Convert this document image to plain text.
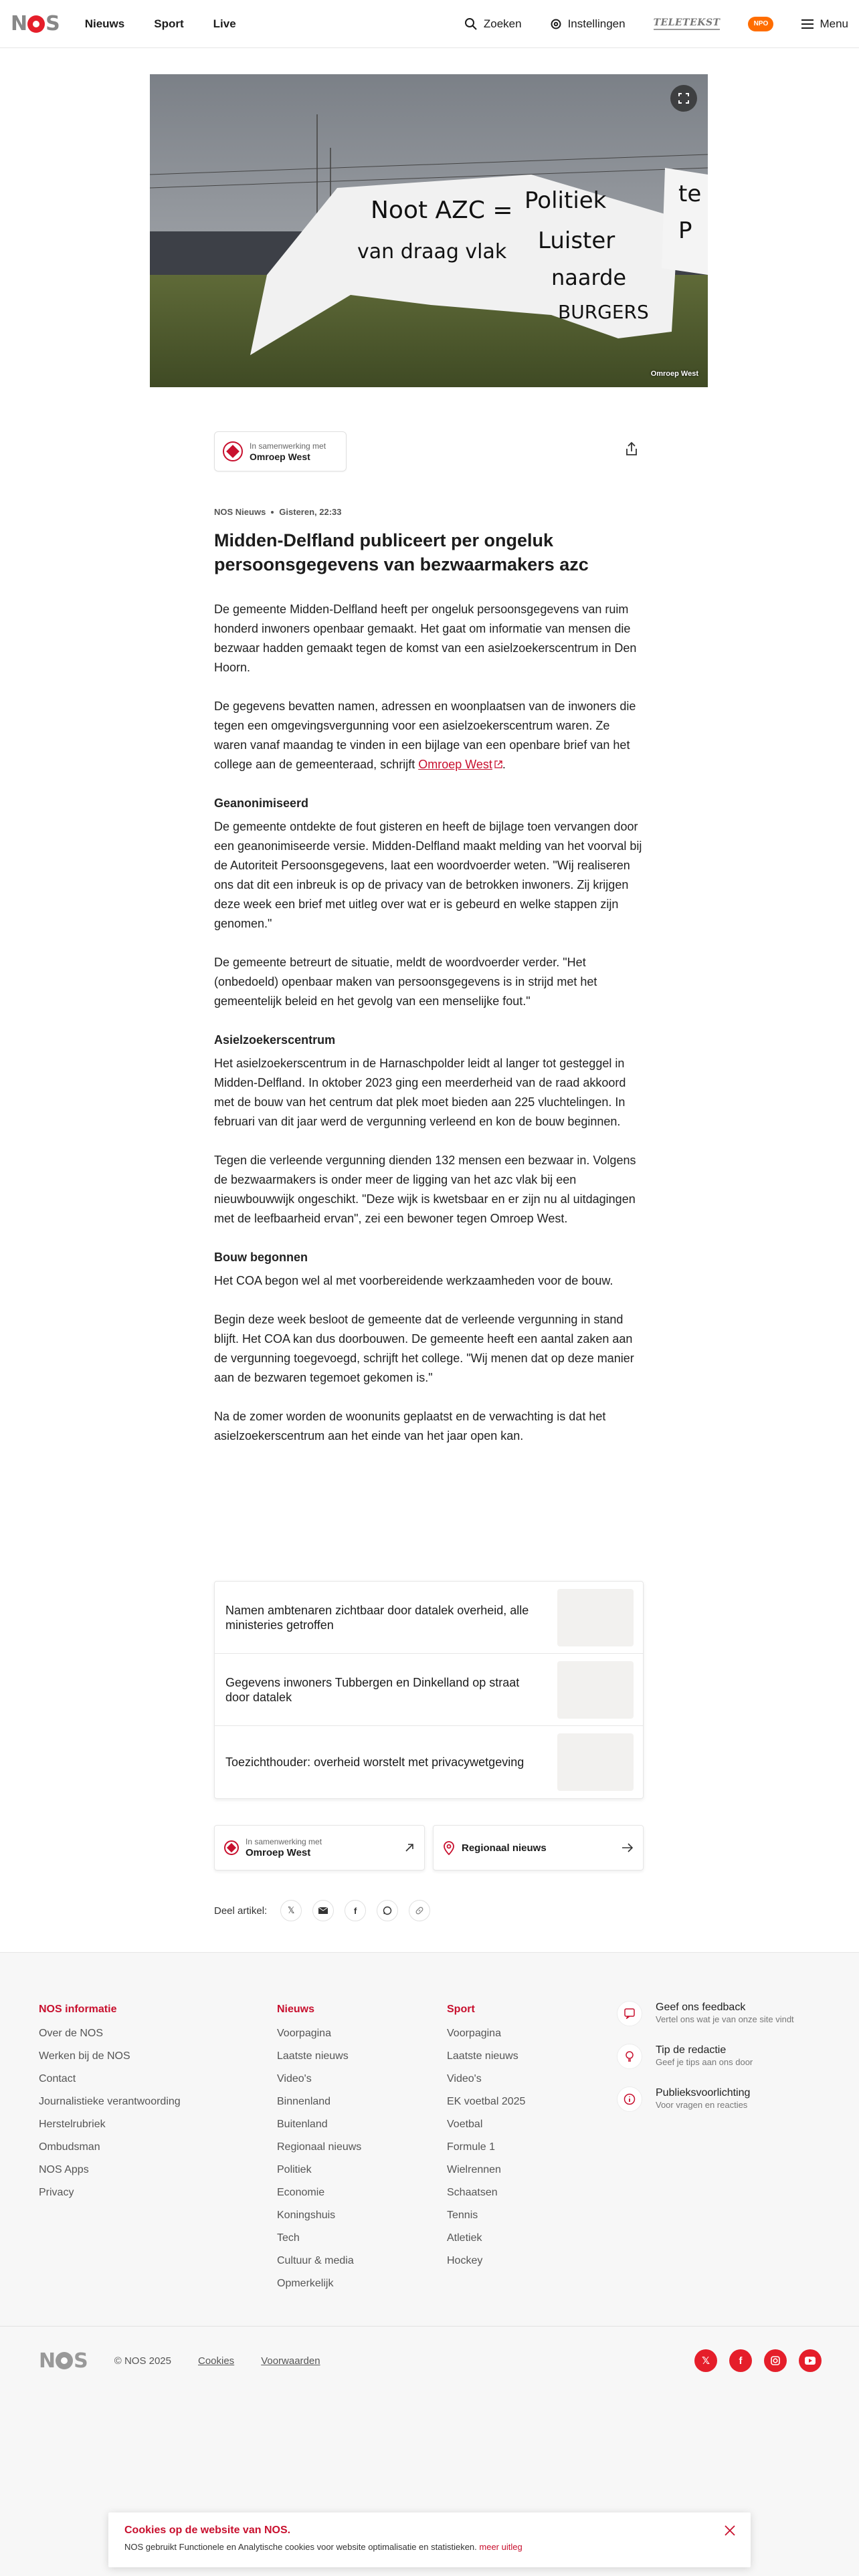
N S Nieuws	Sport	Live	Zoeken	Instellingen	TELETEKST	NPO	Menu
Noot AZC = Politiek
van draag vlak Luister
naarde
BURGERS
te
P
Omroep West
In samenwerking met
Omroep West
NOS Nieuws Gisteren, 22:33
Midden-Delfland publiceert per ongeluk persoonsgegevens van bezwaarmakers azc

De gemeente Midden-Delfland heeft per ongeluk persoonsgegevens van ruim honderd inwoners openbaar gemaakt. Het gaat om informatie van mensen die bezwaar hadden gemaakt tegen de komst van een asielzoekerscentrum in Den Hoorn.

De gegevens bevatten namen, adressen en woonplaatsen van de inwoners die tegen een omgevingsvergunning voor een asielzoekerscentrum waren. Ze waren vanaf maandag te vinden in een bijlage van een openbare brief van het college aan de gemeenteraad, schrijft Omroep West .

Geanonimiseerd

De gemeente ontdekte de fout gisteren en heeft de bijlage toen vervangen door een geanonimiseerde versie. Midden-Delfland maakt melding van het voorval bij de Autoriteit Persoonsgegevens, laat een woordvoerder weten. "Wij realiseren ons dat dit een inbreuk is op de privacy van de betrokken inwoners. Zij krijgen deze week een brief met uitleg over wat er is gebeurd en welke stappen zijn genomen."

De gemeente betreurt de situatie, meldt de woordvoerder verder. "Het (onbedoeld) openbaar maken van persoonsgegevens is in strijd met het gemeentelijk beleid en het gevolg van een menselijke fout."

Asielzoekerscentrum

Het asielzoekerscentrum in de Harnaschpolder leidt al langer tot gesteggel in Midden-Delfland. In oktober 2023 ging een meerderheid van de raad akkoord met de bouw van het centrum dat plek moet bieden aan 225 vluchtelingen. In februari van dit jaar werd de vergunning verleend en kon de bouw beginnen.

Tegen die verleende vergunning dienden 132 mensen een bezwaar in. Volgens de bezwaarmakers is onder meer de ligging van het azc vlak bij een nieuwbouwwijk ongeschikt. "Deze wijk is kwetsbaar en er zijn nu al uitdagingen met de leefbaarheid ervan", zei een bewoner tegen Omroep West.

Bouw begonnen

Het COA begon wel al met voorbereidende werkzaamheden voor de bouw.

Begin deze week besloot de gemeente dat de verleende vergunning in stand blijft. Het COA kan dus doorbouwen. De gemeente heeft een aantal zaken aan de vergunning toegevoegd, schrijft het college. "Wij menen dat op deze manier aan de bezwaren tegemoet gekomen is."

Na de zomer worden de woonunits geplaatst en de verwachting is dat het asielzoekerscentrum aan het einde van het jaar open kan.

Namen ambtenaren zichtbaar door datalek overheid, alle ministeries getroffen
Gegevens inwoners Tubbergen en Dinkelland op straat door datalek
Toezichthouder: overheid worstelt met privacywetgeving
In samenwerking met
Omroep West	Regionaal nieuws
Deel artikel: 𝕏	f
NOS informatie
Over de NOS
Werken bij de NOS
Contact
Journalistieke verantwoording
Herstelrubriek
Ombudsman
NOS Apps
Privacy
Nieuws
Voorpagina
Laatste nieuws
Video's
Binnenland
Buitenland
Regionaal nieuws
Politiek
Economie
Koningshuis
Tech
Cultuur & media
Opmerkelijk
Sport
Voorpagina
Laatste nieuws
Video's
EK voetbal 2025
Voetbal
Formule 1
Wielrennen
Schaatsen
Tennis
Atletiek
Hockey
Geef ons feedback
Vertel ons wat je van onze site vindt
Tip de redactie
Geef je tips aan ons door
Publieksvoorlichting
Voor vragen en reacties
N S	© NOS 2025	Cookies	Voorwaarden	𝕏	f
Cookies op de website van NOS.
NOS gebruikt Functionele en Analytische cookies voor website optimalisatie en statistieken. meer uitleg
